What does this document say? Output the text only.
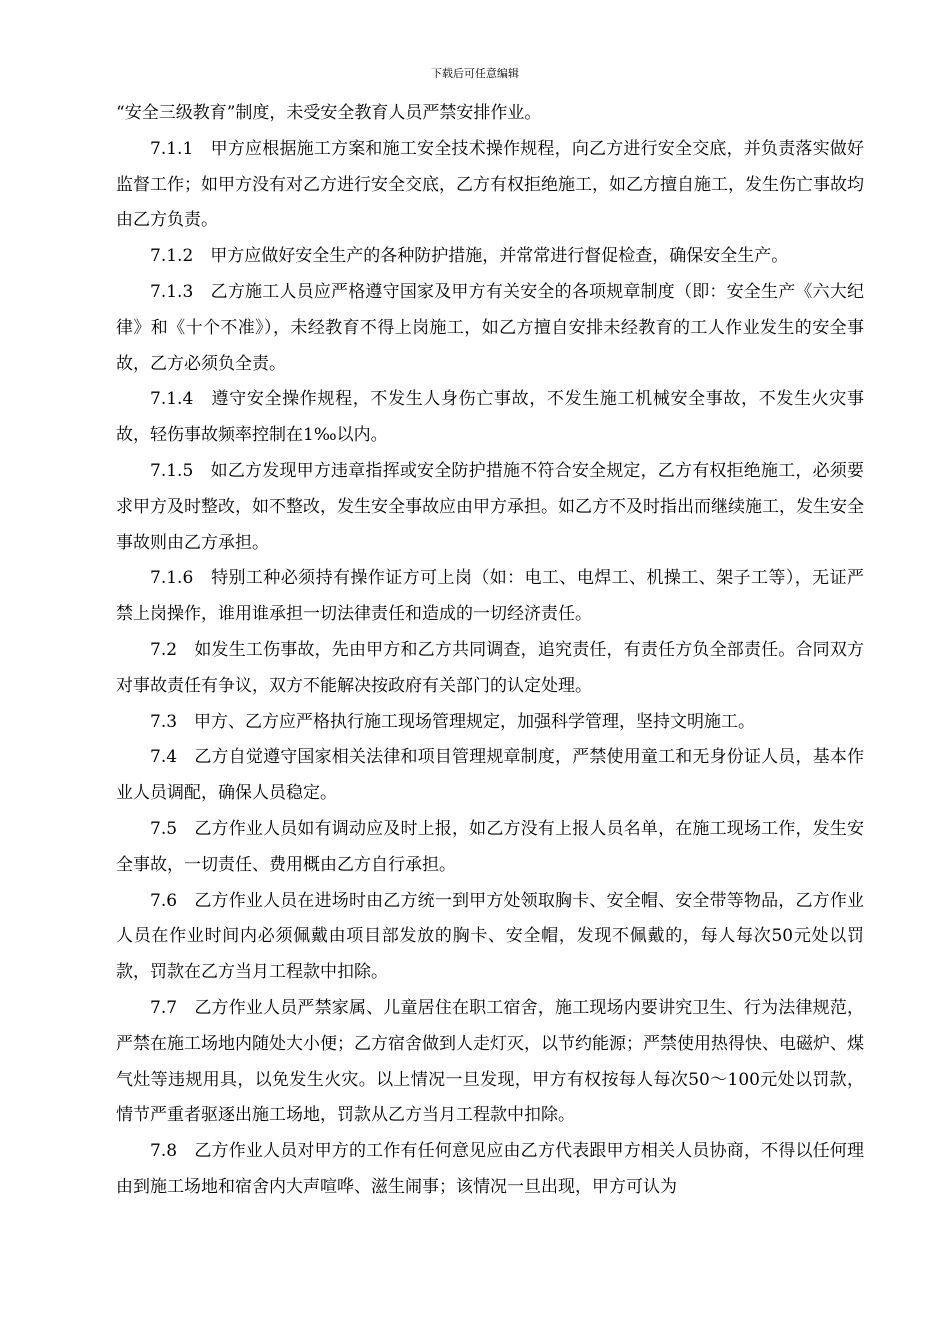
下载后可任意编辑

“安全三级教育”制度，未受安全教育人员严禁安排作业。

7.1.1　甲方应根据施工方案和施工安全技术操作规程，向乙方进行安全交底，并负责落实做好监督工作；如甲方没有对乙方进行安全交底，乙方有权拒绝施工，如乙方擅自施工，发生伤亡事故均由乙方负责。

7.1.2　甲方应做好安全生产的各种防护措施，并常常进行督促检查，确保安全生产。

7.1.3　乙方施工人员应严格遵守国家及甲方有关安全的各项规章制度（即：安全生产《六大纪律》和《十个不准》），未经教育不得上岗施工，如乙方擅自安排未经教育的工人作业发生的安全事故，乙方必须负全责。

7.1.4　遵守安全操作规程，不发生人身伤亡事故，不发生施工机械安全事故，不发生火灾事故，轻伤事故频率控制在1‰以内。

7.1.5　如乙方发现甲方违章指挥或安全防护措施不符合安全规定，乙方有权拒绝施工，必须要求甲方及时整改，如不整改，发生安全事故应由甲方承担。如乙方不及时指出而继续施工，发生安全事故则由乙方承担。

7.1.6　特别工种必须持有操作证方可上岗（如：电工、电焊工、机操工、架子工等），无证严禁上岗操作，谁用谁承担一切法律责任和造成的一切经济责任。

7.2　如发生工伤事故，先由甲方和乙方共同调查，追究责任，有责任方负全部责任。合同双方对事故责任有争议，双方不能解决按政府有关部门的认定处理。

7.3　甲方、乙方应严格执行施工现场管理规定，加强科学管理，坚持文明施工。

7.4　乙方自觉遵守国家相关法律和项目管理规章制度，严禁使用童工和无身份证人员，基本作业人员调配，确保人员稳定。

7.5　乙方作业人员如有调动应及时上报，如乙方没有上报人员名单，在施工现场工作，发生安全事故，一切责任、费用概由乙方自行承担。

7.6　乙方作业人员在进场时由乙方统一到甲方处领取胸卡、安全帽、安全带等物品，乙方作业人员在作业时间内必须佩戴由项目部发放的胸卡、安全帽，发现不佩戴的，每人每次50元处以罚款，罚款在乙方当月工程款中扣除。

7.7　乙方作业人员严禁家属、儿童居住在职工宿舍，施工现场内要讲究卫生、行为法律规范，严禁在施工场地内随处大小便；乙方宿舍做到人走灯灭，以节约能源；严禁使用热得快、电磁炉、煤气灶等违规用具，以免发生火灾。以上情况一旦发现，甲方有权按每人每次50～100元处以罚款，情节严重者驱逐出施工场地，罚款从乙方当月工程款中扣除。

7.8　乙方作业人员对甲方的工作有任何意见应由乙方代表跟甲方相关人员协商，不得以任何理由到施工场地和宿舍内大声喧哗、滋生闹事；该情况一旦出现，甲方可认为
